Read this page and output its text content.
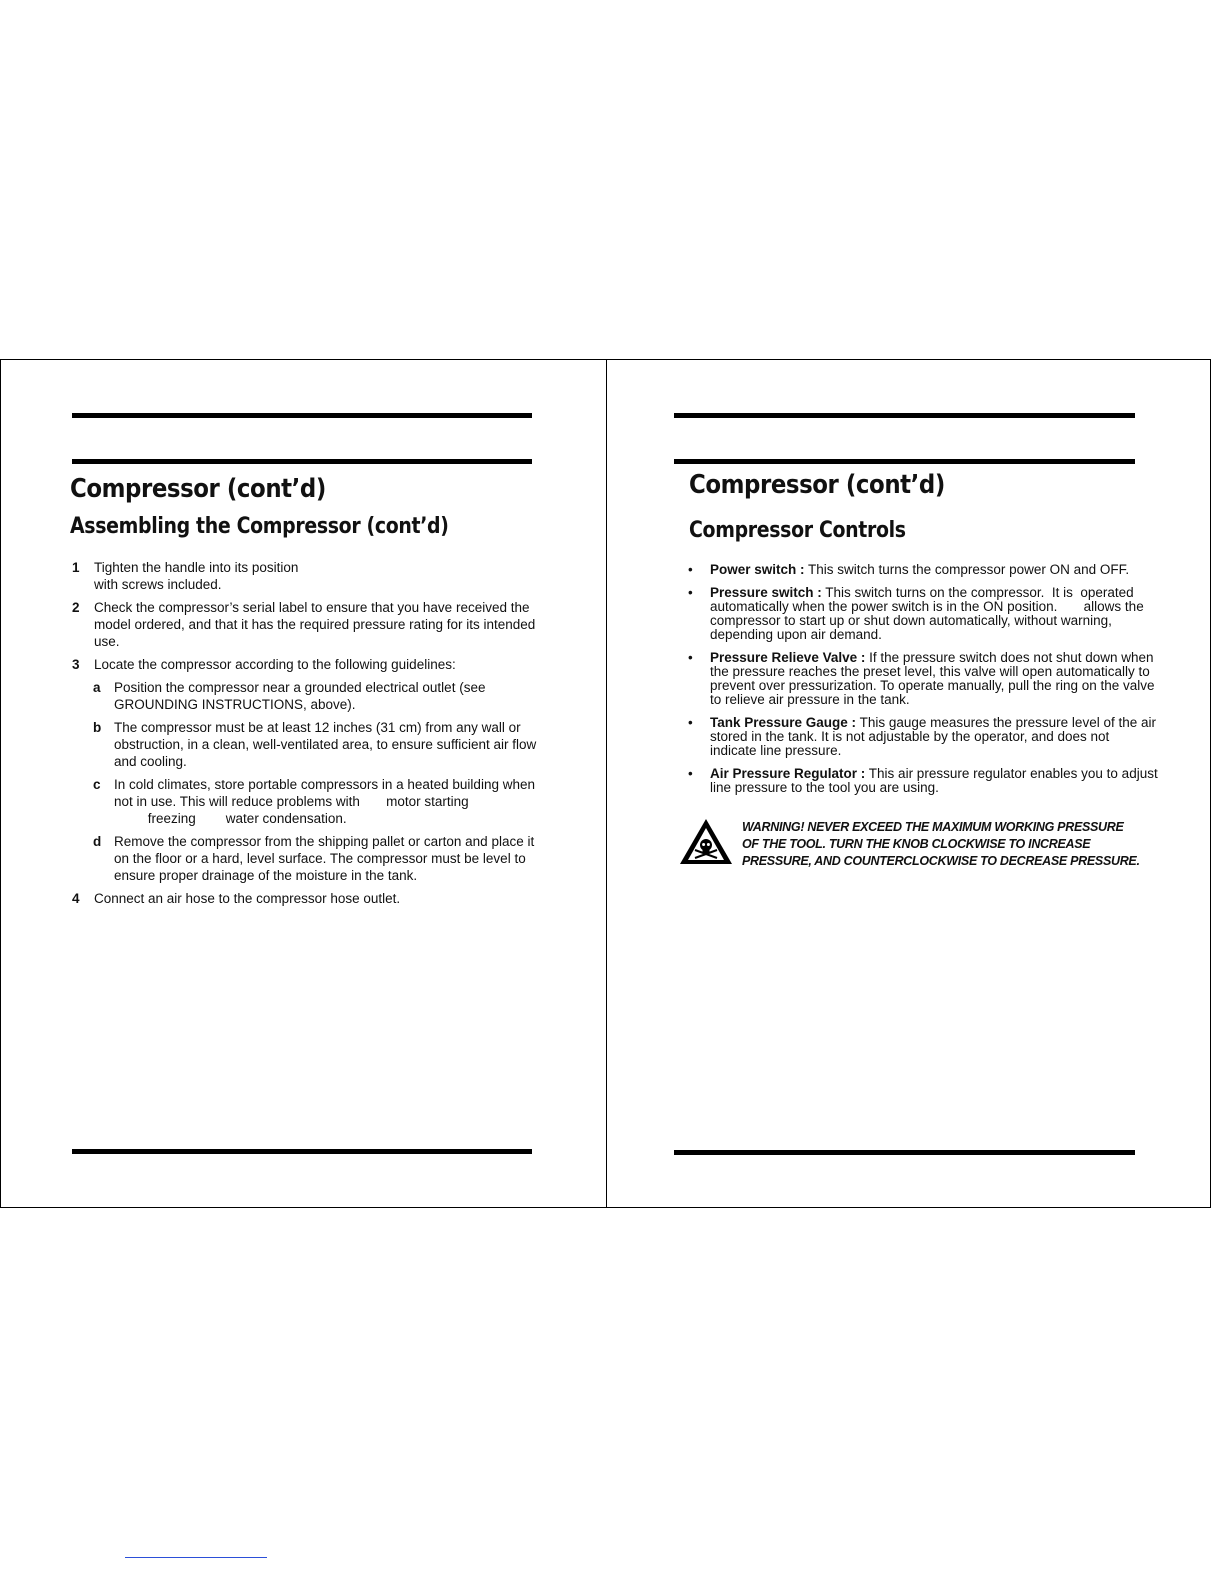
Compressor (cont’d)
Assembling the Compressor (cont’d)
1 Tighten the handle into its position
with screws included.
2 Check the compressor’s serial label to ensure that you have received the model ordered, and that it has the required pressure rating for its intended use.
3 Locate the compressor according to the following guidelines:
a Position the compressor near a grounded electrical outlet (see GROUNDING INSTRUCTIONS, above).
b The compressor must be at least 12 inches (31 cm) from any wall or obstruction, in a clean, well-ventilated area, to ensure sufficient air flow and cooling.
c In cold climates, store portable compressors in a heated building when not in use. This will reduce problems with       motor starting
freezing        water condensation.
d Remove the compressor from the shipping pallet or carton and place it on the floor or a hard, level surface. The compressor must be level to ensure proper drainage of the moisture in the tank.
4 Connect an air hose to the compressor hose outlet.
Compressor (cont’d)
Compressor Controls
• Power switch : This switch turns the compressor power ON and OFF.
• Pressure switch : This switch turns on the compressor.  It is  operated automatically when the power switch is in the ON position.       allows the compressor to start up or shut down automatically, without warning, depending upon air demand.
• Pressure Relieve Valve : If the pressure switch does not shut down when the pressure reaches the preset level, this valve will open automatically to prevent over pressurization. To operate manually, pull the ring on the valve to relieve air pressure in the tank.
• Tank Pressure Gauge : This gauge measures the pressure level of the air stored in the tank. It is not adjustable by the operator, and does not indicate line pressure.
• Air Pressure Regulator : This air pressure regulator enables you to adjust line pressure to the tool you are using.
WARNING! NEVER EXCEED THE MAXIMUM WORKING PRESSURE OF THE TOOL. TURN THE KNOB CLOCKWISE TO INCREASE PRESSURE, AND COUNTERCLOCKWISE TO DECREASE PRESSURE.
